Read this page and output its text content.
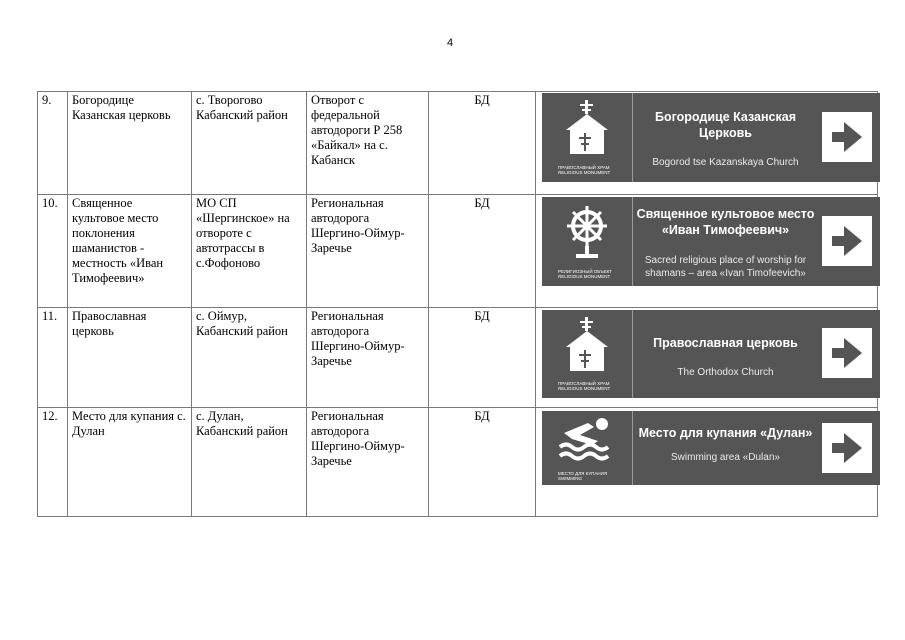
4
9.	Богородице Казанская церковь	с. Творогово Кабанский район	Отворот с федеральной автодороги Р 258 «Байкал» на с. Кабанск	БД	ПРАВОСЛАВНЫЙ ХРАМ RELIGIOUS MONUMENT
Богородице Казанская Церковь
Bogorod tse Kazanskaya Church

10.	Священное культовое место поклонения шаманистов - местность «Иван Тимофеевич»	МО СП «Шергинское» на отвороте с автотрассы в с.Фофоново	Региональная автодорога Шергино-Оймур-Заречье	БД	РЕЛИГИОЗНЫЙ ОБЪЕКТ RELIGIOUS MONUMENT
Священное культовое место «Иван Тимофеевич»
Sacred religious place of worship for shamans – area «Ivan Timofeevich»

11.	Православная церковь	с. Оймур, Кабанский район	Региональная автодорога Шергино-Оймур-Заречье	БД	ПРАВОСЛАВНЫЙ ХРАМ RELIGIOUS MONUMENT
Православная церковь
The Orthodox Church

12.	Место для купания с. Дулан	с. Дулан, Кабанский район	Региональная автодорога Шергино-Оймур-Заречье	БД	МЕСТО ДЛЯ КУПАНИЯ SWIMMING
Место для купания «Дулан»
Swimming area «Dulan»
